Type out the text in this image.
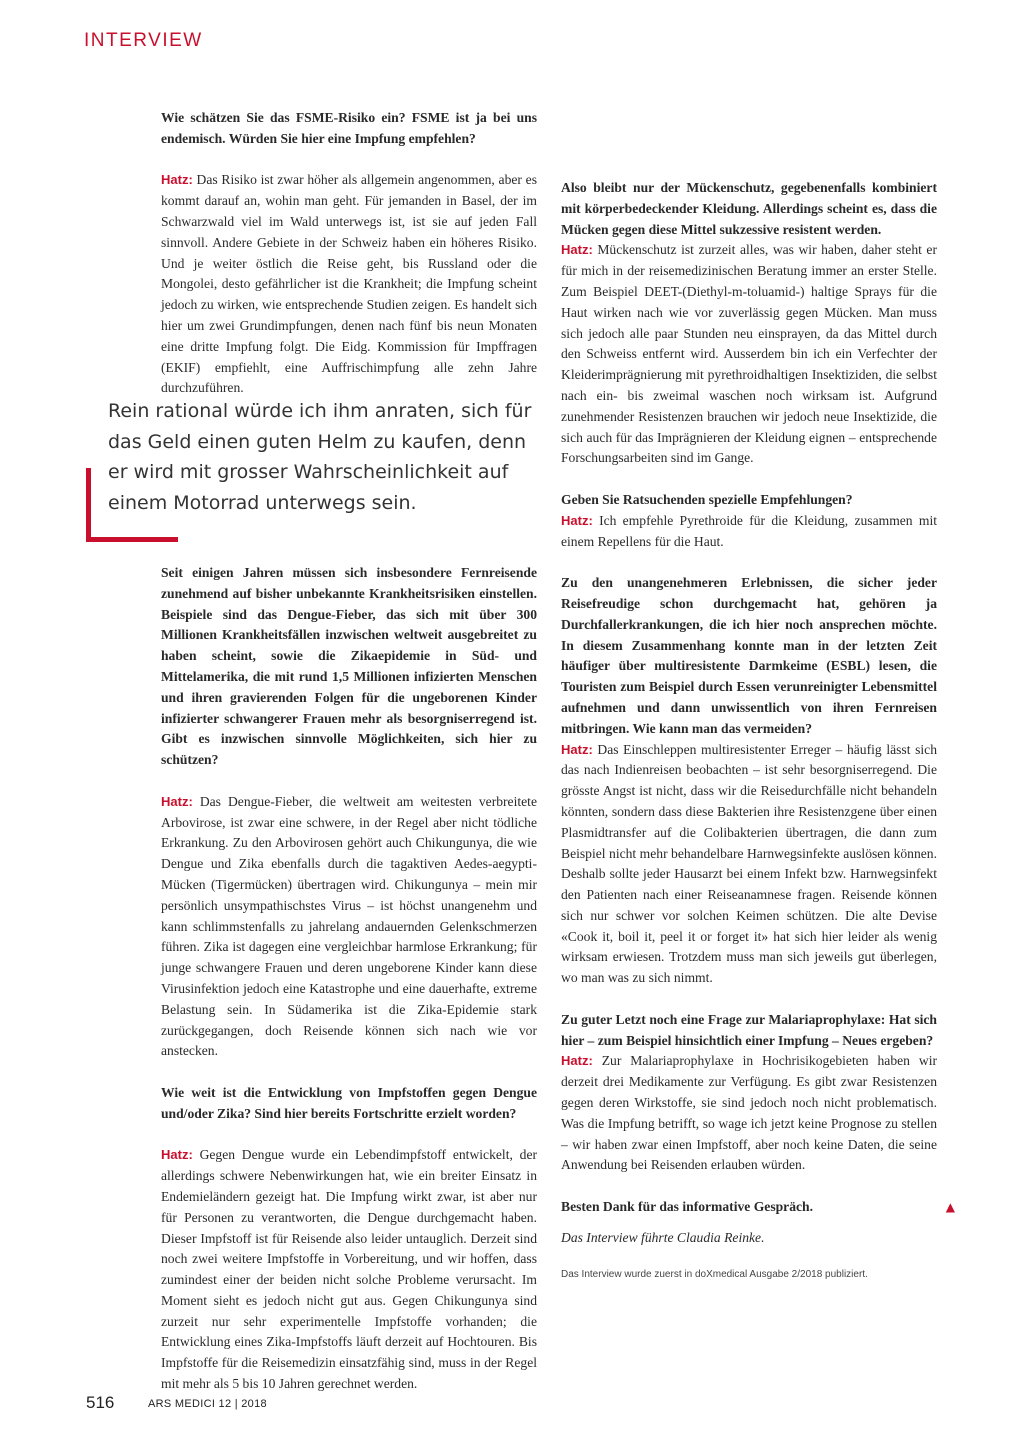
INTERVIEW

Wie schätzen Sie das FSME-Risiko ein? FSME ist ja bei uns endemisch. Würden Sie hier eine Impfung empfehlen?

Hatz: Das Risiko ist zwar höher als allgemein angenommen, aber es kommt darauf an, wohin man geht. Für jemanden in Basel, der im Schwarzwald viel im Wald unterwegs ist, ist sie auf jeden Fall sinnvoll. Andere Gebiete in der Schweiz haben ein höheres Risiko. Und je weiter östlich die Reise geht, bis Russland oder die Mongolei, desto gefährlicher ist die Krankheit; die Impfung scheint jedoch zu wirken, wie entsprechende Studien zeigen. Es handelt sich hier um zwei Grundimpfungen, denen nach fünf bis neun Monaten eine dritte Impfung folgt. Die Eidg. Kommission für Impffragen (EKIF) empfiehlt, eine Auffrischimpfung alle zehn Jahre durchzuführen.

Rein rational würde ich ihm anraten, sich für das Geld einen guten Helm zu kaufen, denn er wird mit grosser Wahrscheinlichkeit auf einem Motorrad unterwegs sein.

Seit einigen Jahren müssen sich insbesondere Fernreisende zunehmend auf bisher unbekannte Krankheitsrisiken einstellen. Beispiele sind das Dengue-Fieber, das sich mit über 300 Millionen Krankheitsfällen inzwischen weltweit ausgebreitet zu haben scheint, sowie die Zikaepidemie in Süd- und Mittelamerika, die mit rund 1,5 Millionen infizierten Menschen und ihren gravierenden Folgen für die ungeborenen Kinder infizierter schwangerer Frauen mehr als besorgniserregend ist. Gibt es inzwischen sinnvolle Möglichkeiten, sich hier zu schützen?

Hatz: Das Dengue-Fieber, die weltweit am weitesten verbreitete Arbovirose, ist zwar eine schwere, in der Regel aber nicht tödliche Erkrankung. Zu den Arbovirosen gehört auch Chikungunya, die wie Dengue und Zika ebenfalls durch die tagaktiven Aedes-aegypti-Mücken (Tigermücken) übertragen wird. Chikungunya – mein mir persönlich unsympathischstes Virus – ist höchst unangenehm und kann schlimmstenfalls zu jahrelang andauernden Gelenkschmerzen führen. Zika ist dagegen eine vergleichbar harmlose Erkrankung; für junge schwangere Frauen und deren ungeborene Kinder kann diese Virusinfektion jedoch eine Katastrophe und eine dauerhafte, extreme Belastung sein. In Südamerika ist die Zika-Epidemie stark zurückgegangen, doch Reisende können sich nach wie vor anstecken.

Wie weit ist die Entwicklung von Impfstoffen gegen Dengue und/oder Zika? Sind hier bereits Fortschritte erzielt worden?

Hatz: Gegen Dengue wurde ein Lebendimpfstoff entwickelt, der allerdings schwere Nebenwirkungen hat, wie ein breiter Einsatz in Endemieländern gezeigt hat. Die Impfung wirkt zwar, ist aber nur für Personen zu verantworten, die Dengue durchgemacht haben. Dieser Impfstoff ist für Reisende also leider untauglich. Derzeit sind noch zwei weitere Impfstoffe in Vorbereitung, und wir hoffen, dass zumindest einer der beiden nicht solche Probleme verursacht. Im Moment sieht es jedoch nicht gut aus. Gegen Chikungunya sind zurzeit nur sehr experimentelle Impfstoffe vorhanden; die Entwicklung eines Zika-Impfstoffs läuft derzeit auf Hochtouren. Bis Impfstoffe für die Reisemedizin einsatzfähig sind, muss in der Regel mit mehr als 5 bis 10 Jahren gerechnet werden.

Also bleibt nur der Mückenschutz, gegebenenfalls kombiniert mit körperbedeckender Kleidung. Allerdings scheint es, dass die Mücken gegen diese Mittel sukzessive resistent werden.

Hatz: Mückenschutz ist zurzeit alles, was wir haben, daher steht er für mich in der reisemedizinischen Beratung immer an erster Stelle. Zum Beispiel DEET-(Diethyl-m-toluamid-) haltige Sprays für die Haut wirken nach wie vor zuverlässig gegen Mücken. Man muss sich jedoch alle paar Stunden neu einsprayen, da das Mittel durch den Schweiss entfernt wird. Ausserdem bin ich ein Verfechter der Kleiderimprägnierung mit pyrethroidhaltigen Insektiziden, die selbst nach ein- bis zweimal waschen noch wirksam ist. Aufgrund zunehmender Resistenzen brauchen wir jedoch neue Insektizide, die sich auch für das Imprägnieren der Kleidung eignen – entsprechende Forschungsarbeiten sind im Gange.

Geben Sie Ratsuchenden spezielle Empfehlungen?

Hatz: Ich empfehle Pyrethroide für die Kleidung, zusammen mit einem Repellens für die Haut.

Zu den unangenehmeren Erlebnissen, die sicher jeder Reisefreudige schon durchgemacht hat, gehören ja Durchfallerkrankungen, die ich hier noch ansprechen möchte. In diesem Zusammenhang konnte man in der letzten Zeit häufiger über multiresistente Darmkeime (ESBL) lesen, die Touristen zum Beispiel durch Essen verunreinigter Lebensmittel aufnehmen und dann unwissentlich von ihren Fernreisen mitbringen. Wie kann man das vermeiden?

Hatz: Das Einschleppen multiresistenter Erreger – häufig lässt sich das nach Indienreisen beobachten – ist sehr besorgniserregend. Die grösste Angst ist nicht, dass wir die Reisedurchfälle nicht behandeln könnten, sondern dass diese Bakterien ihre Resistenzgene über einen Plasmidtransfer auf die Colibakterien übertragen, die dann zum Beispiel nicht mehr behandelbare Harnwegsinfekte auslösen können. Deshalb sollte jeder Hausarzt bei einem Infekt bzw. Harnwegsinfekt den Patienten nach einer Reiseanamnese fragen. Reisende können sich nur schwer vor solchen Keimen schützen. Die alte Devise «Cook it, boil it, peel it or forget it» hat sich hier leider als wenig wirksam erwiesen. Trotzdem muss man sich jeweils gut überlegen, wo man was zu sich nimmt.

Zu guter Letzt noch eine Frage zur Malariaprophylaxe: Hat sich hier – zum Beispiel hinsichtlich einer Impfung – Neues ergeben?

Hatz: Zur Malariaprophylaxe in Hochrisikogebieten haben wir derzeit drei Medikamente zur Verfügung. Es gibt zwar Resistenzen gegen deren Wirkstoffe, sie sind jedoch noch nicht problematisch. Was die Impfung betrifft, so wage ich jetzt keine Prognose zu stellen – wir haben zwar einen Impfstoff, aber noch keine Daten, die seine Anwendung bei Reisenden erlauben würden.

Besten Dank für das informative Gespräch.	▲

Das Interview führte Claudia Reinke.

Das Interview wurde zuerst in doXmedical Ausgabe 2/2018 publiziert.
516	ARS MEDICI 12 | 2018
